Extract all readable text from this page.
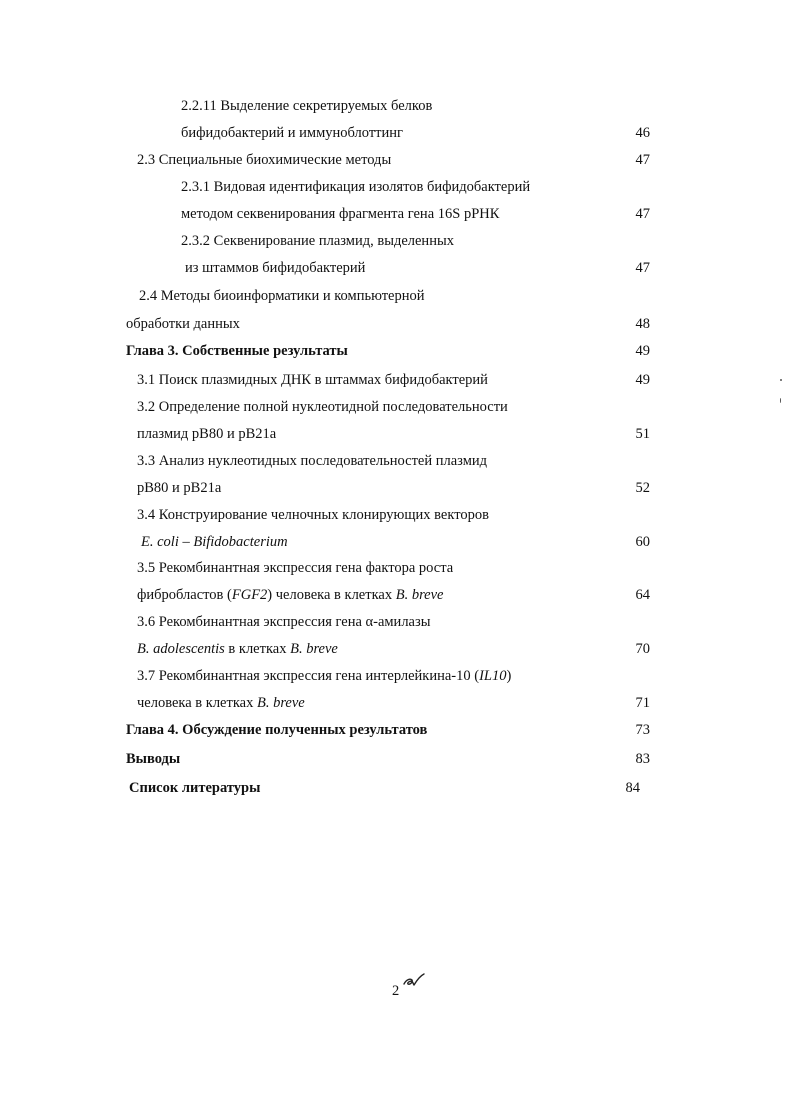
2.2.11 Выделение секретируемых белков
бифидобактерий и иммуноблоттинг	46
2.3 Специальные биохимические методы	47
2.3.1 Видовая идентификация изолятов бифидобактерий
методом секвенирования фрагмента гена 16S рРНК	47
2.3.2 Секвенирование плазмид, выделенных
из штаммов бифидобактерий	47
2.4 Методы биоинформатики и компьютерной
обработки данных	48
Глава 3. Собственные результаты	49
3.1 Поиск плазмидных ДНК в штаммах бифидобактерий	49
3.2 Определение полной нуклеотидной последовательности
плазмид рВ80 и рВ21а	51
3.3 Анализ нуклеотидных последовательностей плазмид
рВ80 и рВ21а	52
3.4 Конструирование челночных клонирующих векторов
E. coli – Bifidobacterium	60
3.5 Рекомбинантная экспрессия гена фактора роста
фибробластов (FGF2) человека в клетках B. breve	64
3.6 Рекомбинантная экспрессия гена α-амилазы
B. adolescentis в клетках B. breve	70
3.7 Рекомбинантная экспрессия гена интерлейкина-10 (IL10)
человека в клетках B. breve	71
Глава 4. Обсуждение полученных результатов	73
Выводы	83
Список литературы	84
2
